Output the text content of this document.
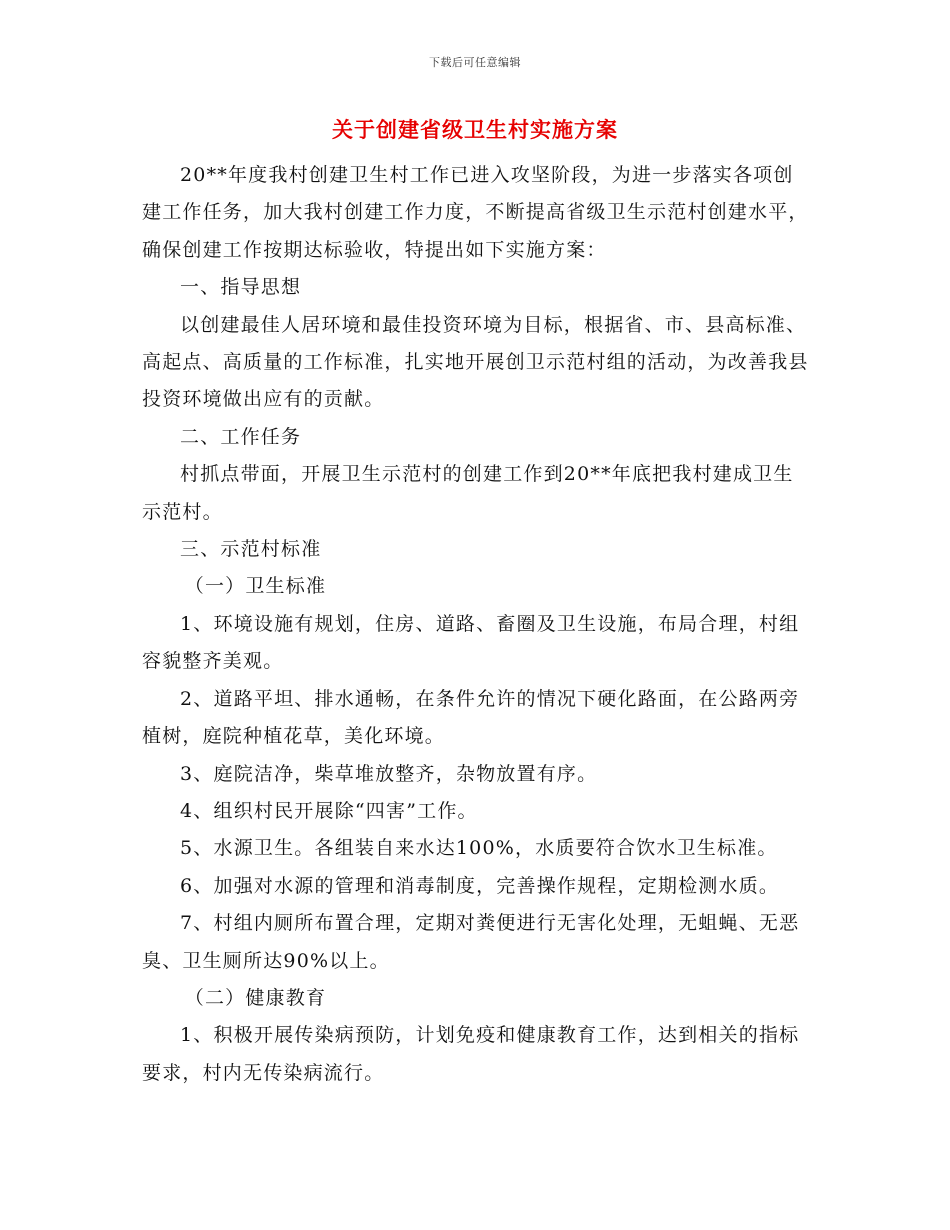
下载后可任意编辑
关于创建省级卫生村实施方案

20**年度我村创建卫生村工作已进入攻坚阶段，为进一步落实各项创建工作任务，加大我村创建工作力度，不断提高省级卫生示范村创建水平，确保创建工作按期达标验收，特提出如下实施方案：

一、指导思想

以创建最佳人居环境和最佳投资环境为目标，根据省、市、县高标准、高起点、高质量的工作标准，扎实地开展创卫示范村组的活动，为改善我县投资环境做出应有的贡献。

二、工作任务

村抓点带面，开展卫生示范村的创建工作到20**年底把我村建成卫生示范村。

三、示范村标准

（一）卫生标准

1、环境设施有规划，住房、道路、畜圈及卫生设施，布局合理，村组容貌整齐美观。

2、道路平坦、排水通畅，在条件允许的情况下硬化路面，在公路两旁植树，庭院种植花草，美化环境。

3、庭院洁净，柴草堆放整齐，杂物放置有序。

4、组织村民开展除“四害”工作。

5、水源卫生。各组装自来水达100%，水质要符合饮水卫生标准。

6、加强对水源的管理和消毒制度，完善操作规程，定期检测水质。

7、村组内厕所布置合理，定期对粪便进行无害化处理，无蛆蝇、无恶臭、卫生厕所达90%以上。

（二）健康教育

1、积极开展传染病预防，计划免疫和健康教育工作，达到相关的指标要求，村内无传染病流行。
